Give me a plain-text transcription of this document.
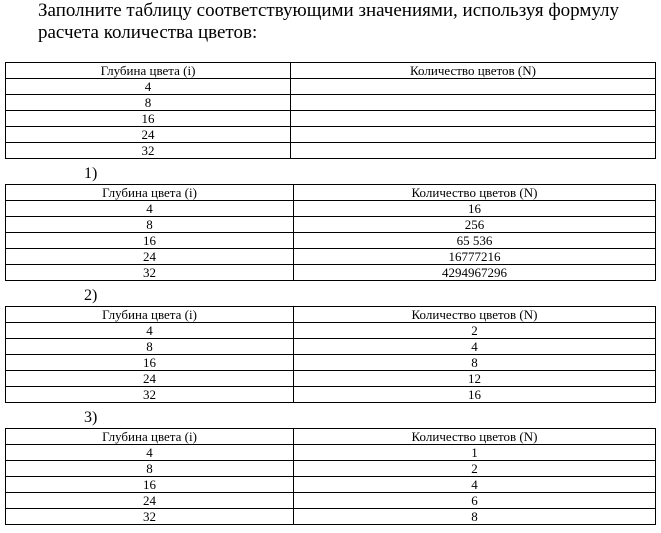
Заполните таблицу соответствующими значениями, используя формулу расчета количества цветов:

Глубина цвета (i)	Количество цветов (N)
4	
8	
16	
24	
32	
1)
Глубина цвета (i)	Количество цветов (N)
4	16
8	256
16	65 536
24	16777216
32	4294967296
2)
Глубина цвета (i)	Количество цветов (N)
4	2
8	4
16	8
24	12
32	16
3)
Глубина цвета (i)	Количество цветов (N)
4	1
8	2
16	4
24	6
32	8
